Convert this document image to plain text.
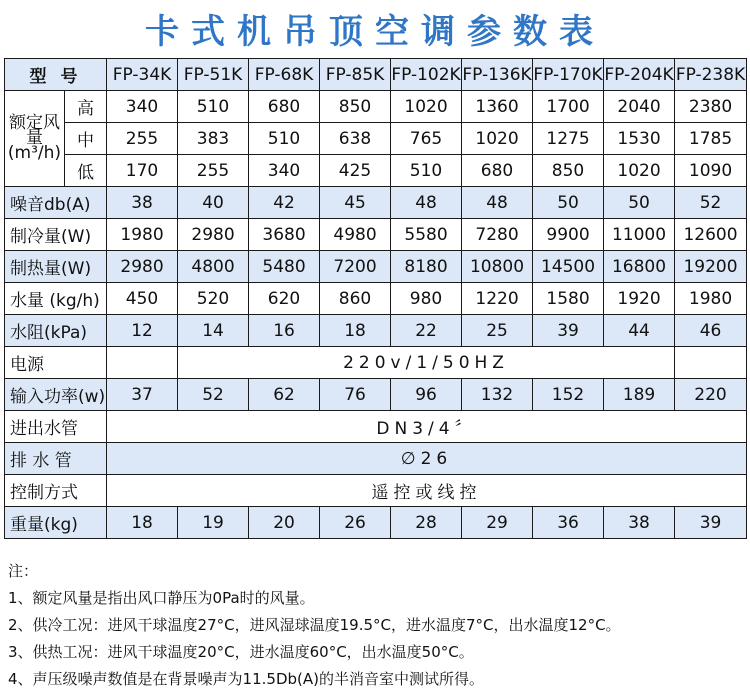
卡式机吊顶空调参数表
型 号		FP-34K	FP-51K	FP-68K	FP-85K	FP-102K	FP-136K	FP-170K	FP-204K	FP-238K

额定风量
(m³/h)	高	340	510	680	850	1020	1360	1700	2040	2380
	中	255	383	510	638	765	1020	1275	1530	1785
	低	170	255	340	425	510	680	850	1020	1090
噪音db(A)		38	40	42	45	48	48	50	50	52
制冷量(W)		1980	2980	3680	4980	5580	7280	9900	11000	12600
制热量(W)		2980	4800	5480	7200	8180	10800	14500	16800	19200
水量 (kg/h)		450	520	620	860	980	1220	1580	1920	1980
水阻(kPa)		12	14	16	18	22	25	39	44	46
电源			220v/1/50HZ							
输入功率(w)		37	52	62	76	96	132	152	189	220
进出水管		DN3/4〞								
排 水 管		∅26								
控制方式		遥控或线控								
重量(kg)		18	19	20	26	28	29	36	38	39
注：
1、额定风量是指出风口静压为0Pa时的风量。
2、供冷工况：进风干球温度27°C，进风湿球温度19.5°C，进水温度7°C，出水温度12°C。
3、供热工况：进风干球温度20°C，进水温度60°C，出水温度50°C。
4、声压级噪声数值是在背景噪声为11.5Db(A)的半消音室中测试所得。
